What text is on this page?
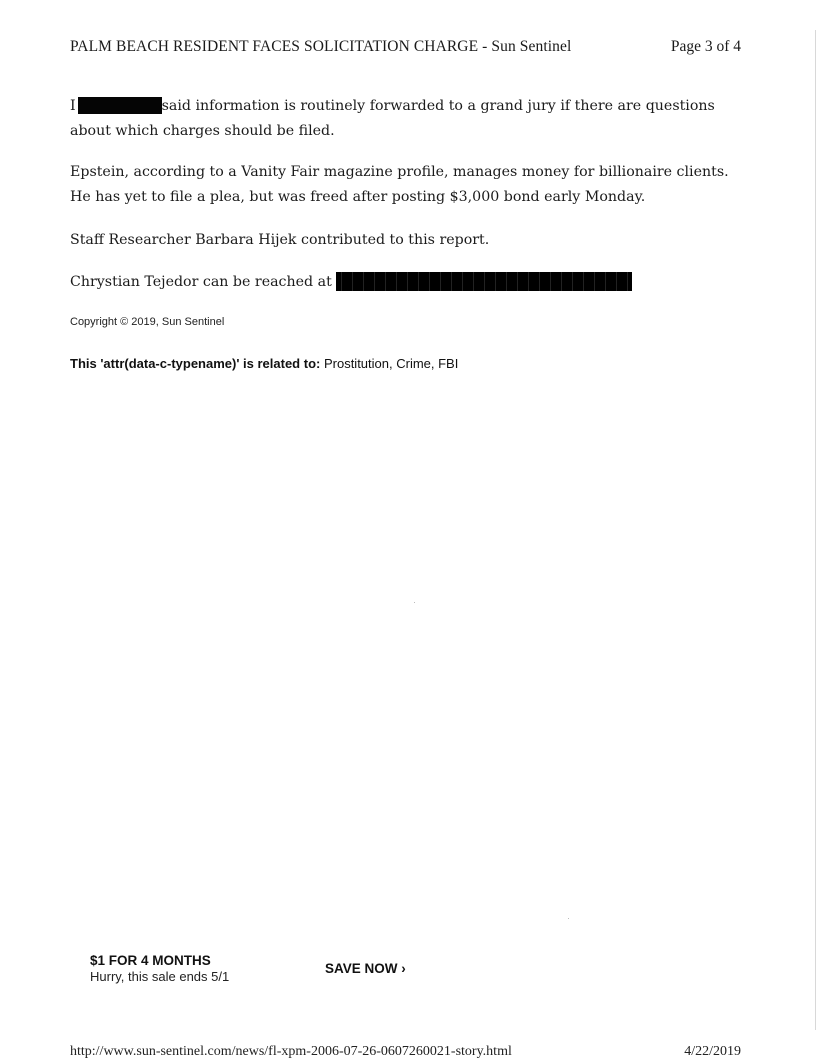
PALM BEACH RESIDENT FACES SOLICITATION CHARGE - Sun Sentinel	Page 3 of 4
I	said information is routinely forwarded to a grand jury if there are questions about which charges should be filed.
Epstein, according to a Vanity Fair magazine profile, manages money for billionaire clients. He has yet to file a plea, but was freed after posting $3,000 bond early Monday.
Staff Researcher Barbara Hijek contributed to this report.
Chrystian Tejedor can be reached at
Copyright © 2019, Sun Sentinel
This 'attr(data-c-typename)' is related to: Prostitution, Crime, FBI
$1 FOR 4 MONTHS
Hurry, this sale ends 5/1
SAVE NOW ›
http://www.sun-sentinel.com/news/fl-xpm-2006-07-26-0607260021-story.html	4/22/2019
